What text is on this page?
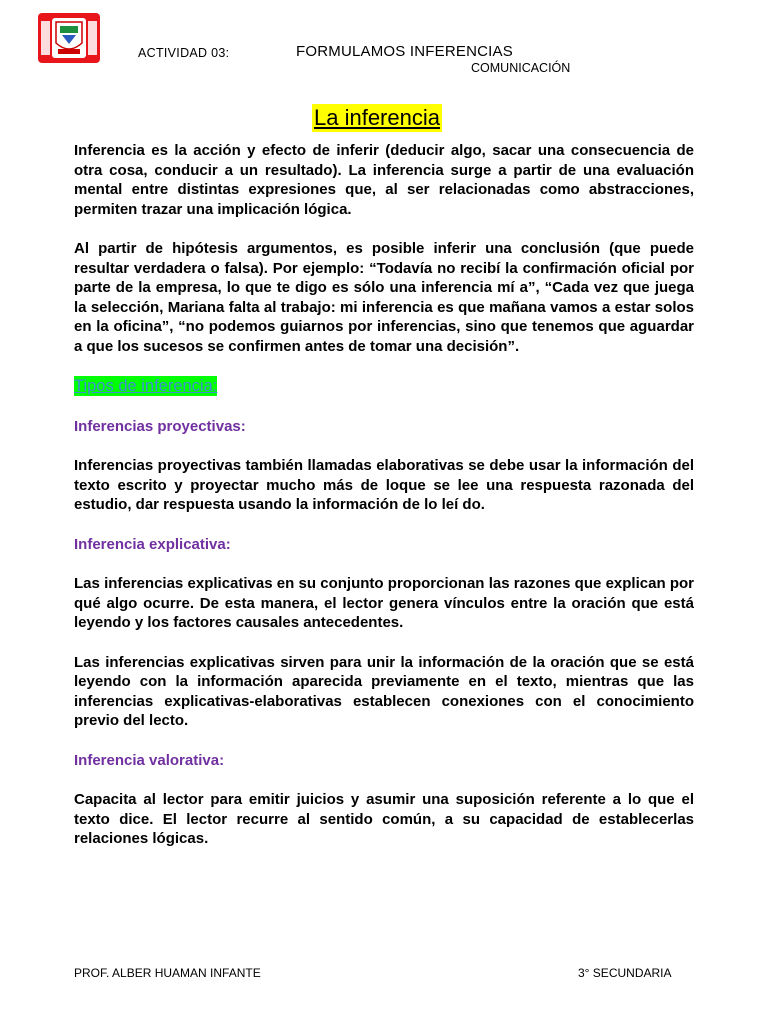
ACTIVIDAD 03:	FORMULAMOS INFERENCIAS
COMUNICACIÓN
La inferencia

Inferencia es la acción y efecto de inferir (deducir algo, sacar una consecuencia de otra cosa, conducir a un resultado). La inferencia surge a partir de una evaluación mental entre distintas expresiones que, al ser relacionadas como abstracciones, permiten trazar una implicación lógica.

Al partir de hipótesis argumentos, es posible inferir una conclusión (que puede resultar verdadera o falsa). Por ejemplo: “Todavía no recibí la confirmación oficial por parte de la empresa, lo que te digo es sólo una inferencia mí a”, “Cada vez que juega la selección, Mariana falta al trabajo: mi inferencia es que mañana vamos a estar solos en la oficina”, “no podemos guiarnos por inferencias, sino que tenemos que aguardar a que los sucesos se confirmen antes de tomar una decisión”.

Tipos de inferencia:
Inferencias proyectivas:

Inferencias proyectivas también llamadas elaborativas se debe usar la información del texto escrito y proyectar mucho más de loque se lee una respuesta razonada del estudio, dar respuesta usando la información de lo leí do.

Inferencia explicativa:

Las inferencias explicativas en su conjunto proporcionan las razones que explican por qué algo ocurre. De esta manera, el lector genera vínculos entre la oración que está leyendo y los factores causales antecedentes.

Las inferencias explicativas sirven para unir la información de la oración que se está leyendo con la información aparecida previamente en el texto, mientras que las inferencias explicativas-elaborativas establecen conexiones con el conocimiento previo del lecto.

Inferencia valorativa:

Capacita al lector para emitir juicios y asumir una suposición referente a lo que el texto dice. El lector recurre al sentido común, a su capacidad de establecerlas relaciones lógicas.

PROF. ALBER HUAMAN INFANTE	3° SECUNDARIA
